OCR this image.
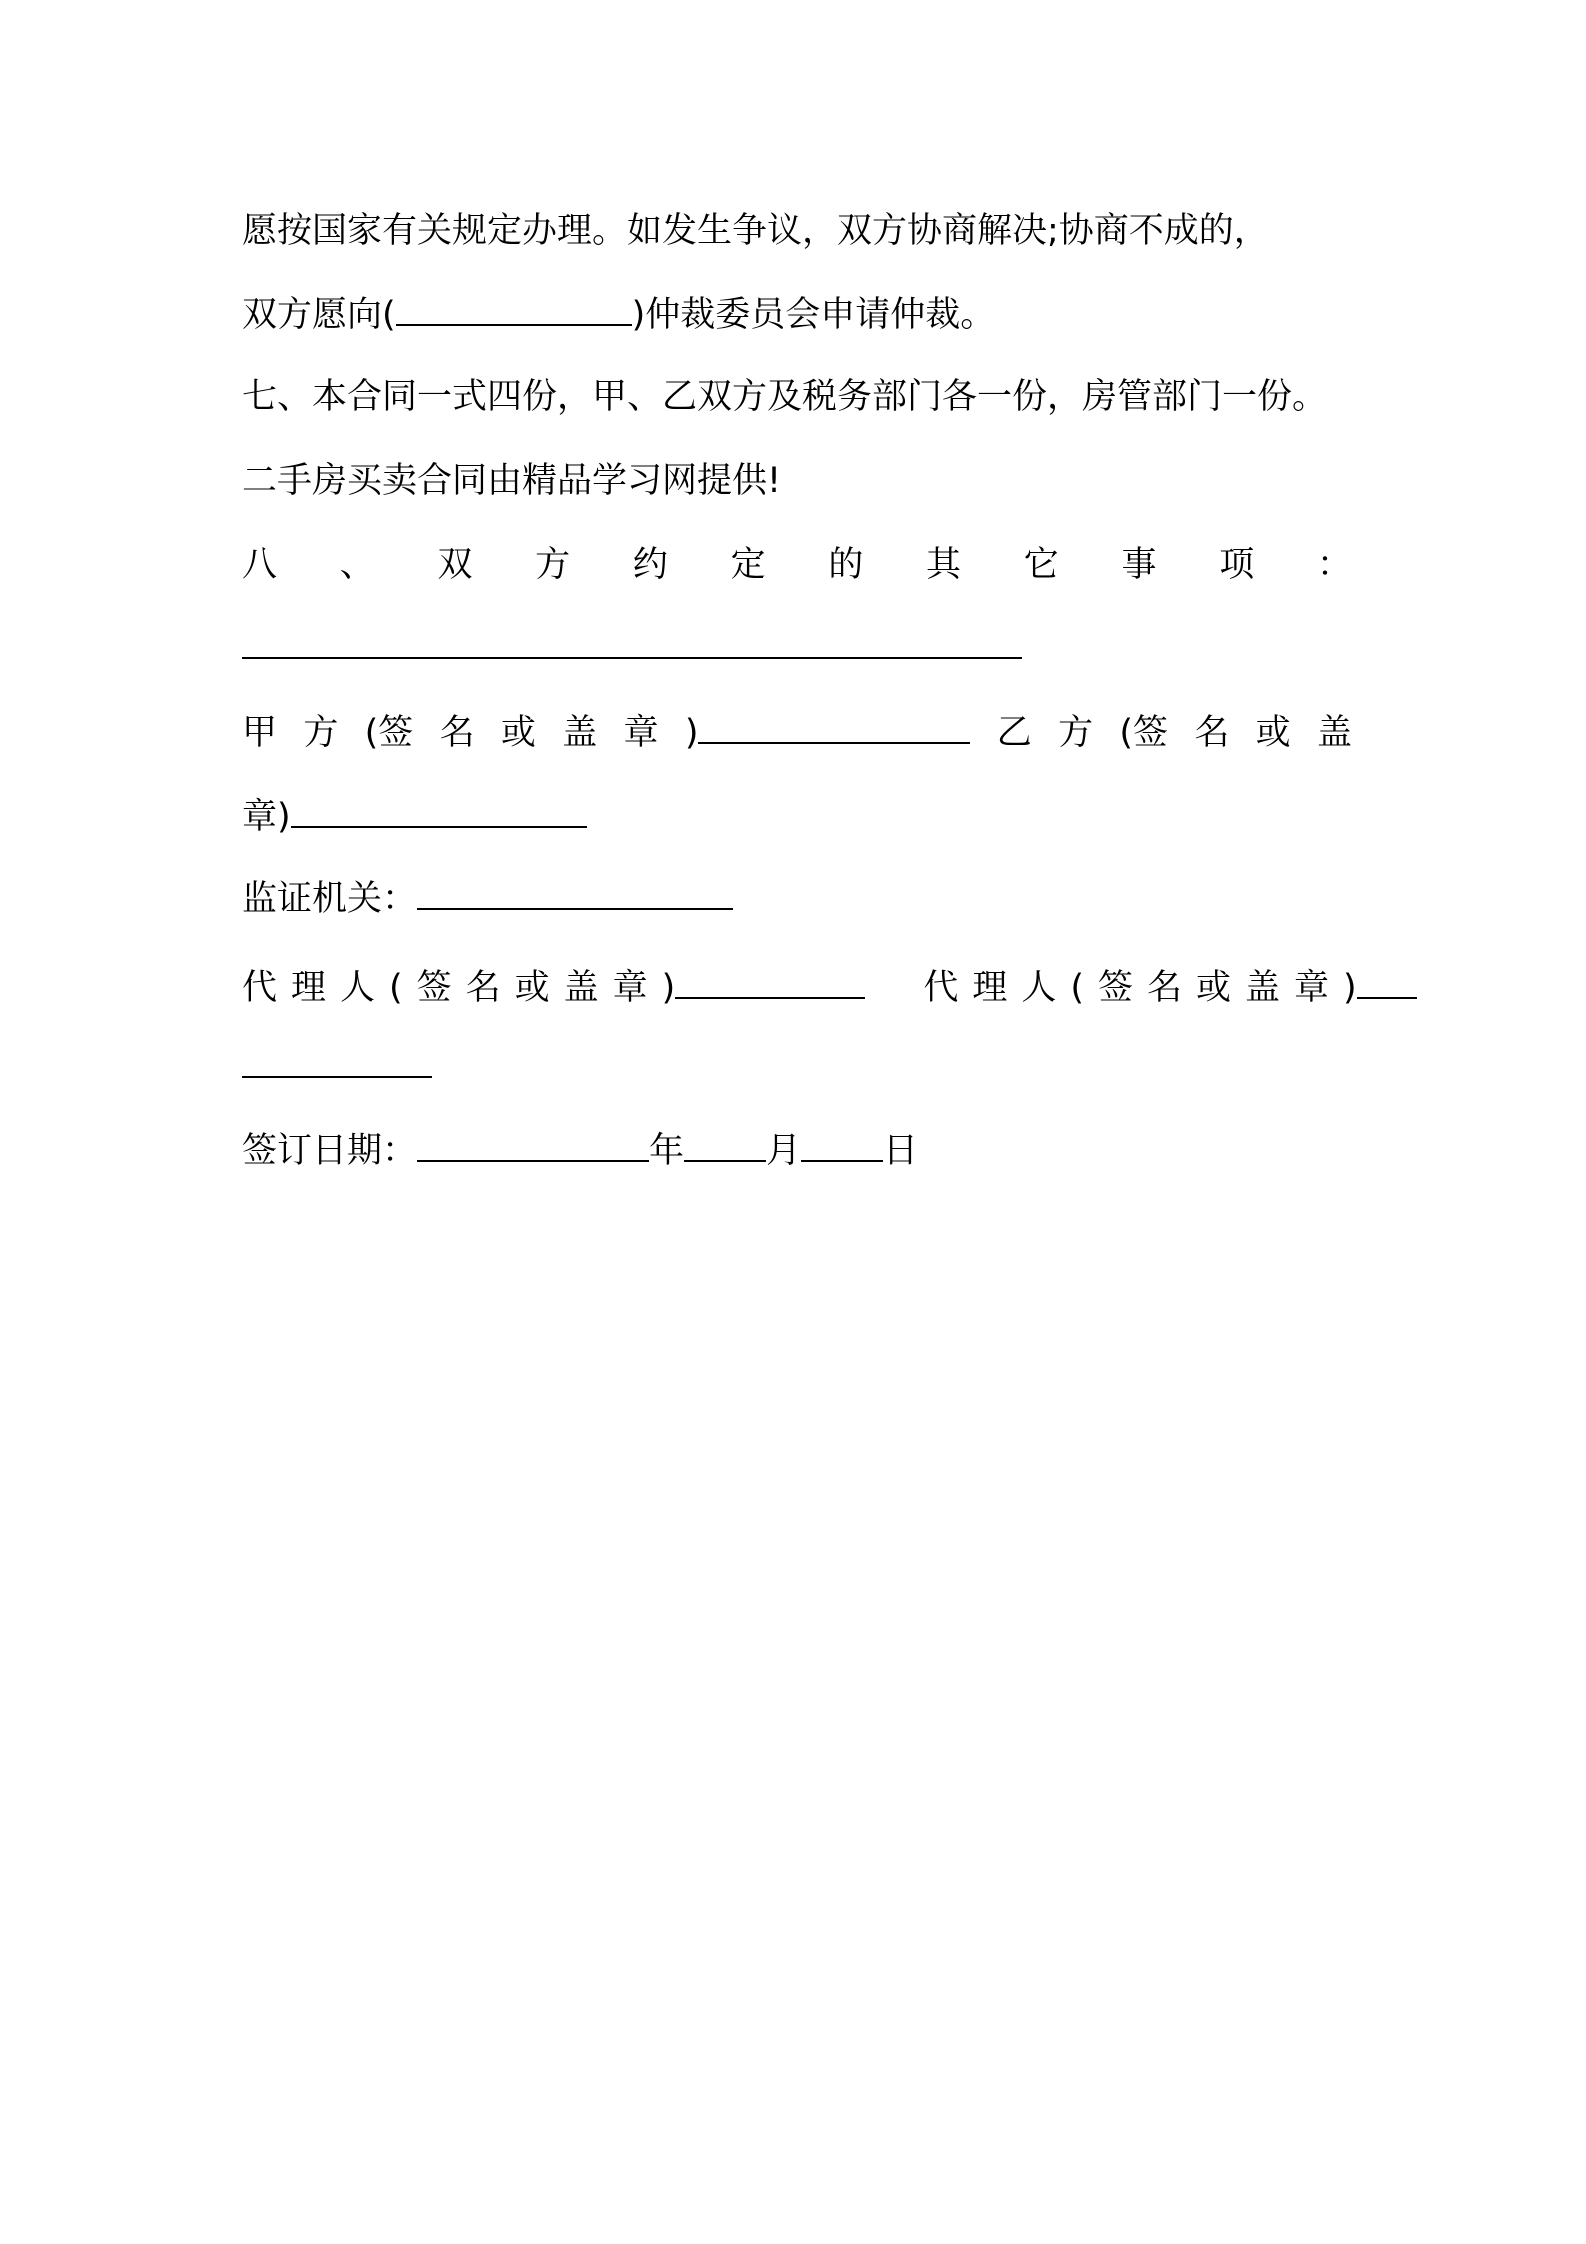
愿按国家有关规定办理。如发生争议，双方协商解决;协商不成的，
双方愿向(	)仲裁委员会申请仲裁。
七、本合同一式四份，甲、乙双方及税务部门各一份，房管部门一份。
二手房买卖合同由精品学习网提供!
八 、 双 方 约 定 的 其 它 事 项 ：
甲 方 (签 名 或 盖 章 )	乙 方 (签 名 或 盖
章)
监证机关：
代理人(签名或盖章)	代理人(签名或盖章)
签订日期：	年 月 日
